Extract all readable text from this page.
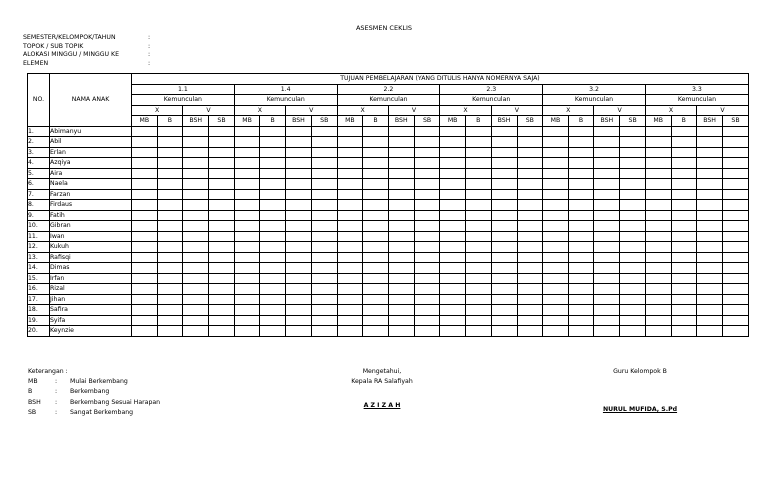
ASESMEN CEKLIS
SEMESTER/KELOMPOK/TAHUN	:
TOPOK / SUB TOPIK	:
ALOKASI MINGGU / MINGGU KE	:
ELEMEN	:
NO.	NAMA ANAK	TUJUAN PEMBELAJARAN (YANG DITULIS HANYA NOMERNYA SAJA)																							
		1.1				1.4				2.2				2.3				3.2				3.3			
		Kemunculan				Kemunculan				Kemunculan				Kemunculan				Kemunculan				Kemunculan			
		X		V		X		V		X		V		X		V		X		V		X		V	
		MB	B	BSH	SB	MB	B	BSH	SB	MB	B	BSH	SB	MB	B	BSH	SB	MB	B	BSH	SB	MB	B	BSH	SB
1.	Abimanyu																								
2.	Abil																								
3.	Erlan																								
4.	Azqiya																								
5.	Aira																								
6.	Naela																								
7.	Farzan																								
8.	Firdaus																								
9.	Fatih																								
10.	Gibran																								
11.	Iwan																								
12.	Kukuh																								
13.	Rafisqi																								
14.	Dimas																								
15.	Irfan																								
16.	Rizal																								
17.	Jihan																								
18.	Safira																								
19.	Syifa																								
20.	Keynzie																								
Keterangan :
MB	:	Mulai Berkembang
B	:	Berkembang
BSH	:	Berkembang Sesuai Harapan
SB	:	Sangat Berkembang
Mengetahui,
Kepala RA Salafiyah
A Z I Z A H
Guru Kelompok B
NURUL MUFIDA, S.Pd
